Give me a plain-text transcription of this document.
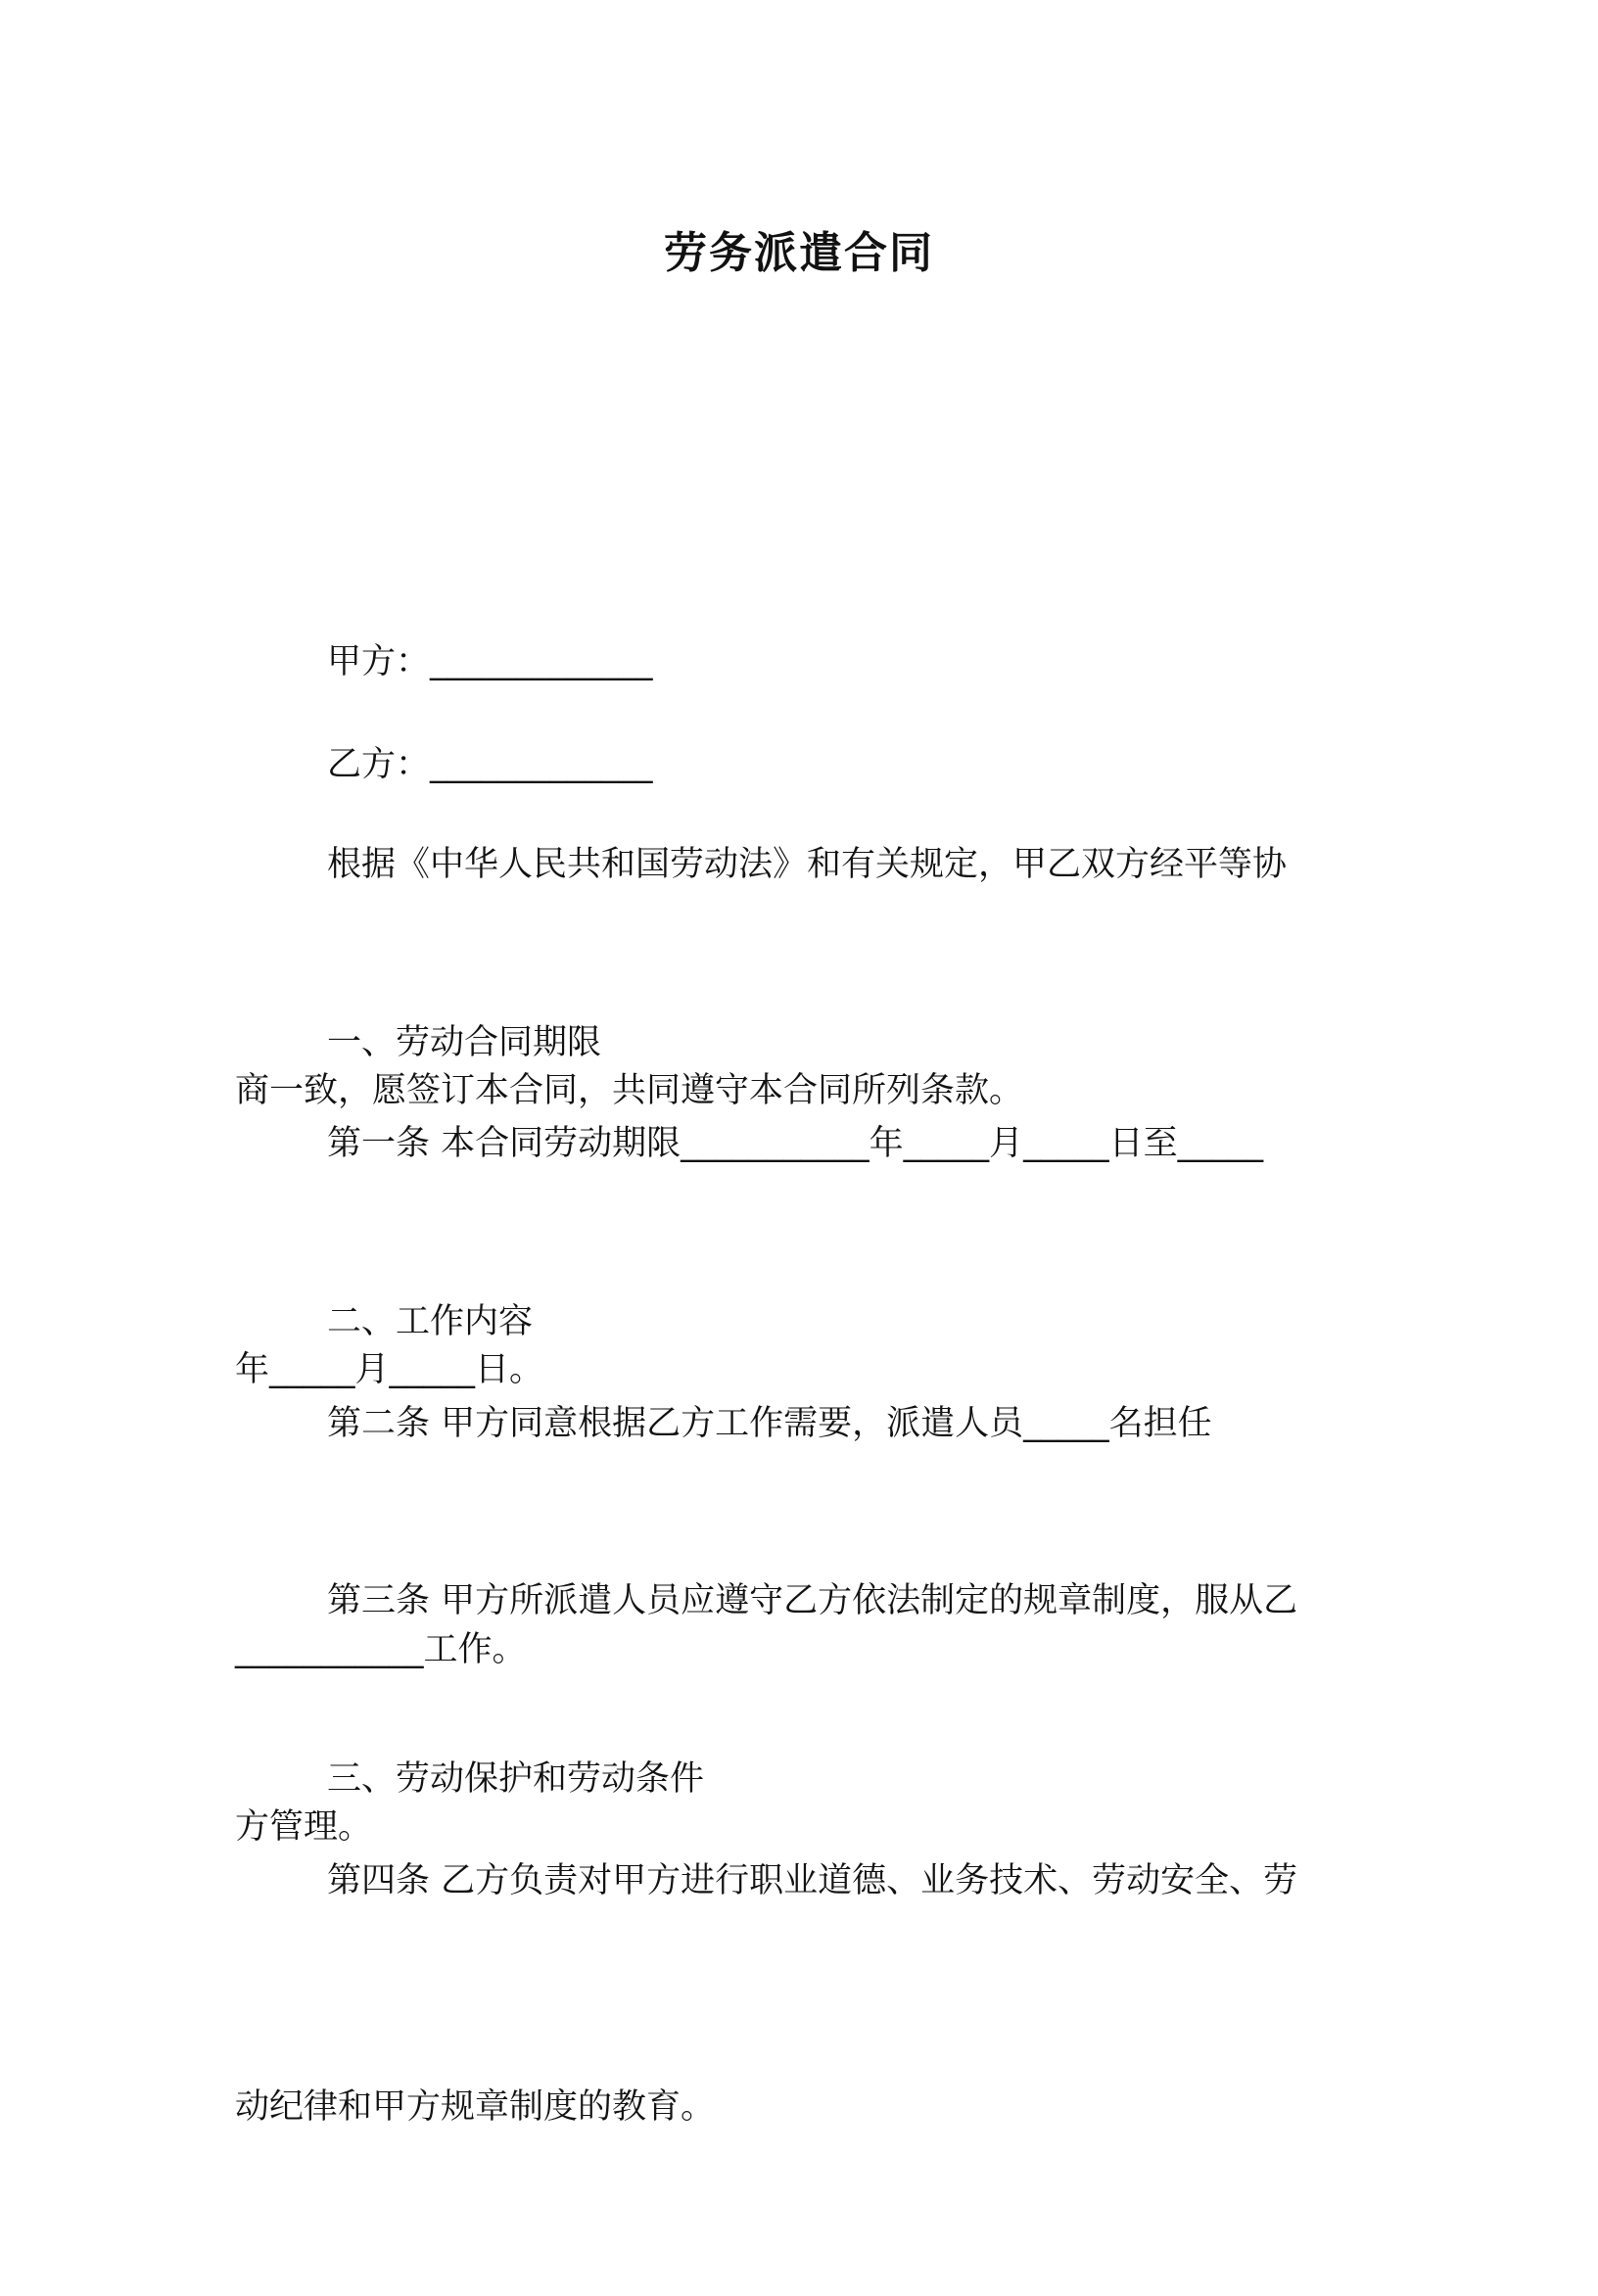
劳务派遣合同

甲方：_____________

乙方：_____________

根据《中华人民共和国劳动法》和有关规定，甲乙双方经平等协

商一致，愿签订本合同，共同遵守本合同所列条款。

一、劳动合同期限

第一条 本合同劳动期限___________年_____月_____日至_____

年_____月_____日。

二、工作内容

第二条 甲方同意根据乙方工作需要，派遣人员_____名担任

___________工作。

第三条 甲方所派遣人员应遵守乙方依法制定的规章制度，服从乙

方管理。

三、劳动保护和劳动条件

第四条 乙方负责对甲方进行职业道德、业务技术、劳动安全、劳

动纪律和甲方规章制度的教育。
